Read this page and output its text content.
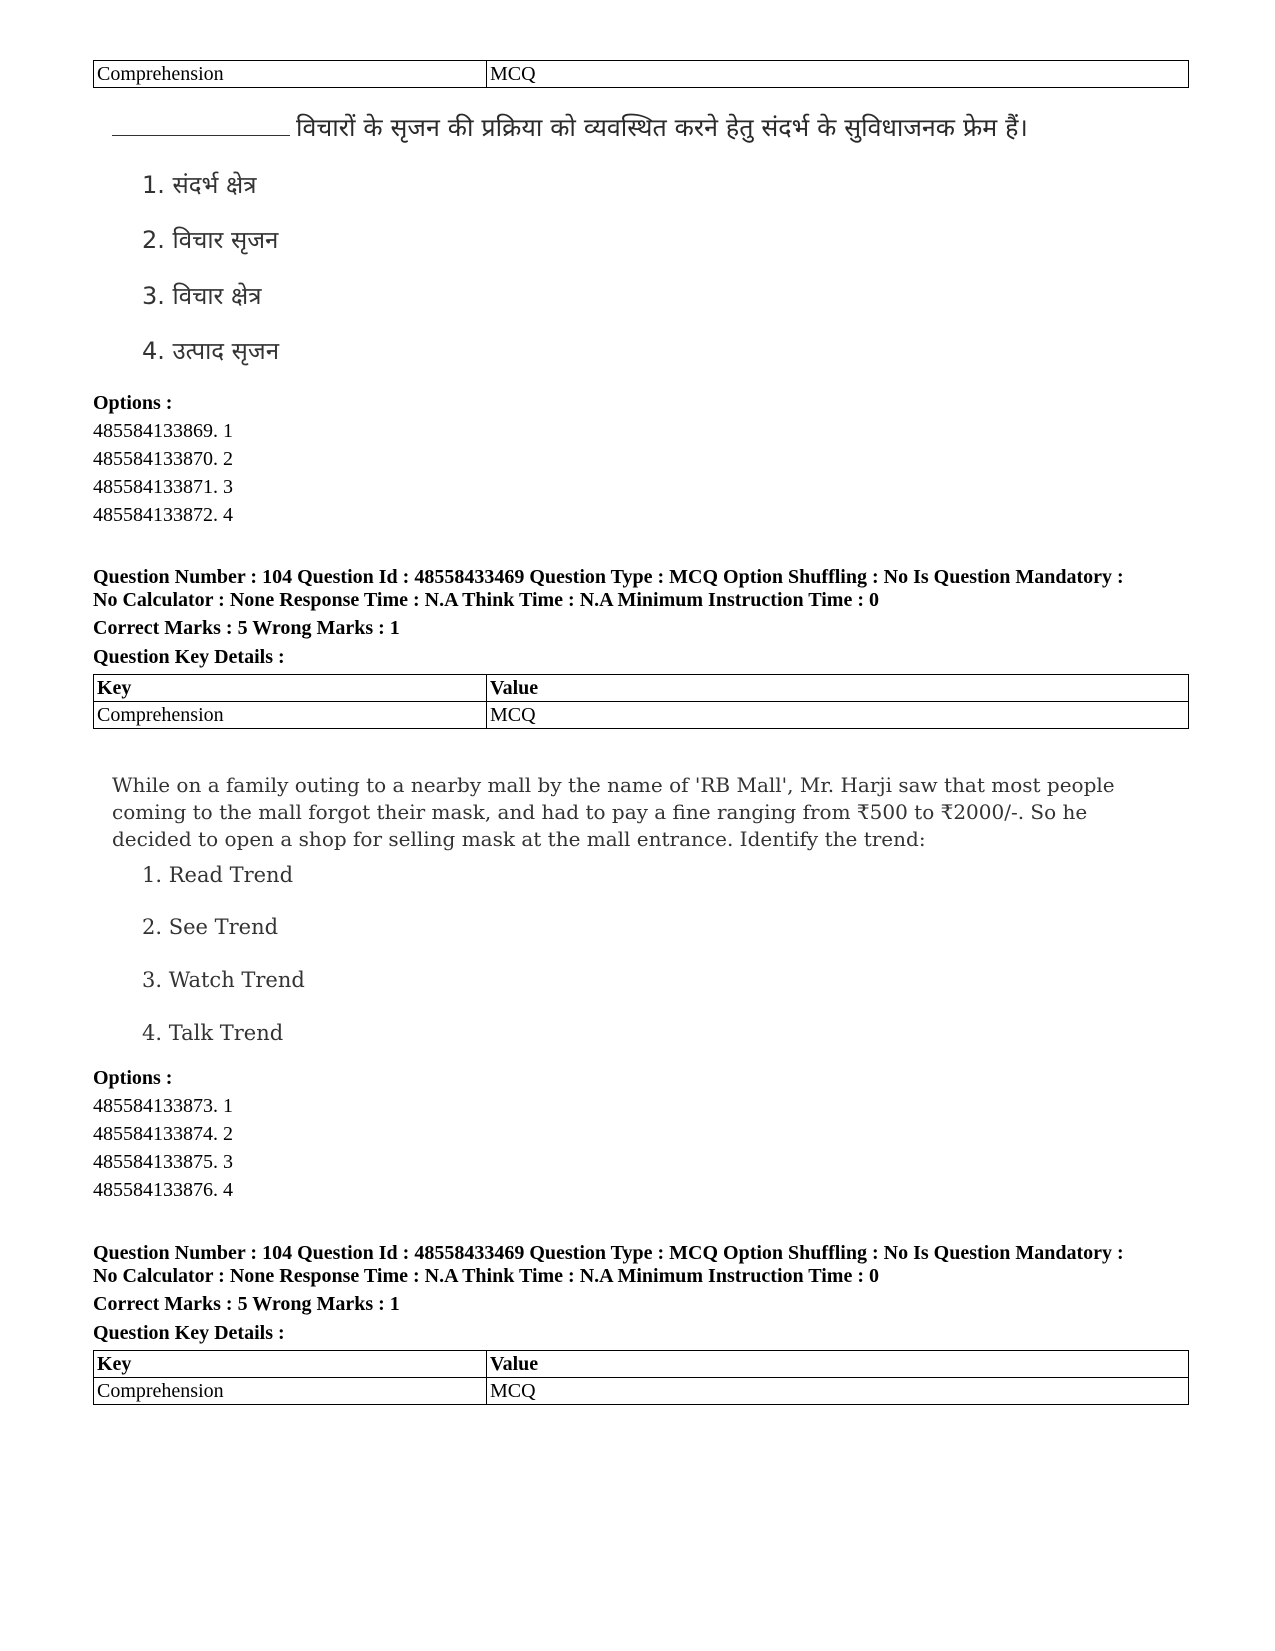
Comprehension	MCQ
विचारों के सृजन की प्रक्रिया को व्यवस्थित करने हेतु संदर्भ के सुविधाजनक फ्रेम हैं।
1. संदर्भ क्षेत्र
2. विचार सृजन
3. विचार क्षेत्र
4. उत्पाद सृजन
Options :
485584133869. 1
485584133870. 2
485584133871. 3
485584133872. 4
Question Number : 104 Question Id : 48558433469 Question Type : MCQ Option Shuffling : No Is Question Mandatory :
No Calculator : None Response Time : N.A Think Time : N.A Minimum Instruction Time : 0
Correct Marks : 5 Wrong Marks : 1
Question Key Details :
Key	Value
Comprehension	MCQ
While on a family outing to a nearby mall by the name of 'RB Mall', Mr. Harji saw that most people coming to the mall forgot their mask, and had to pay a fine ranging from ₹500 to ₹2000/-. So he decided to open a shop for selling mask at the mall entrance. Identify the trend:
1. Read Trend
2. See Trend
3. Watch Trend
4. Talk Trend
Options :
485584133873. 1
485584133874. 2
485584133875. 3
485584133876. 4
Question Number : 104 Question Id : 48558433469 Question Type : MCQ Option Shuffling : No Is Question Mandatory :
No Calculator : None Response Time : N.A Think Time : N.A Minimum Instruction Time : 0
Correct Marks : 5 Wrong Marks : 1
Question Key Details :
Key	Value
Comprehension	MCQ
